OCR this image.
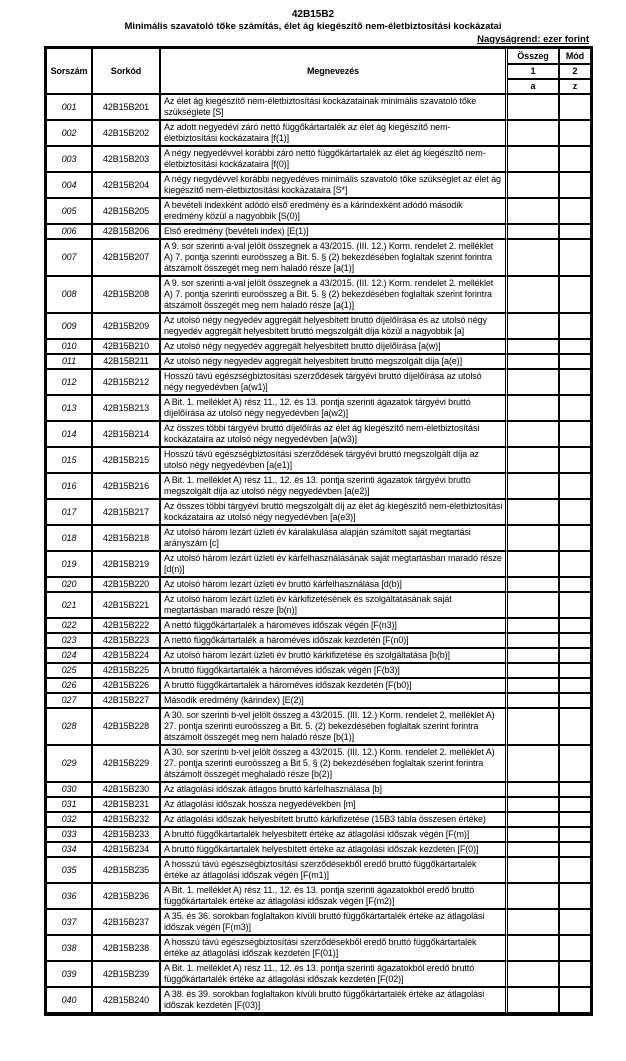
42B15B2
Minimális szavatoló tőke számítás, élet ág kiegészítő nem-életbiztosítási kockázatai
Nagyságrend: ezer forint
Sorszám	Sorkód	Megnevezés	Összeg	Mód
			1	2
			a	z
001	42B15B201	Az élet ág kiegészítő nem-életbiztosítási kockázatainak minimális szavatoló tőke szükséglete [S]		
002	42B15B202	Az adott negyedévi záró nettó függőkártartalék az élet ág kiegészítő nem-életbiztosítási kockázataira [f(1)]		
003	42B15B203	A négy negyedévvel korábbi záró nettó függőkártartalék az élet ág kiegészítő nem-életbiztosítási kockázataira [f(0)]		
004	42B15B204	A négy negydévvel korábbi negyedéves minimális szavatoló tőke szükséglet az élet ág kiegészítő nem-életbiztosítási kockázataira [S*]		
005	42B15B205	A bevételi indexként adódó első eredmény és a kárindexként adódó második eredmény közül a nagyobbik [S(0)]		
006	42B15B206	Első eredmény (bevételi index) [E(1)]		
007	42B15B207	A 9. sor szerinti a-val jelölt összegnek a 43/2015. (III. 12.) Korm. rendelet 2. melléklet A) 7. pontja szerinti euroösszeg a Bit. 5. § (2) bekezdésében foglaltak szerint forintra átszámolt összegét meg nem haladó része [a(1)]		
008	42B15B208	A 9. sor szerinti a-val jelölt összegnek a 43/2015. (III. 12.) Korm. rendelet 2. melléklet A) 7. pontja szerinti euroösszeg a Bit. 5. § (2) bekezdésében foglaltak szerint forintra átszámolt összegét meg nem haladó része [a(1)]		
009	42B15B209	Az utolsó négy negyedév aggregált helyesbített bruttó díjelőírása és az utolsó négy negyedév aggregált helyesbített bruttó megszolgált díja közül a nagyobbik [a]		
010	42B15B210	Az utolsó négy negyedév aggregált helyesbített bruttó díjelőírása [a(w)]		
011	42B15B211	Az utolsó négy negyedév aggregált helyesbített bruttó megszolgált díja [a(e)]		
012	42B15B212	Hosszú távú egészségbiztosítási szerződések tárgyévi bruttó díjelőírása az utolsó négy negyedévben [a(w1)]		
013	42B15B213	A Bit. 1. melléklet A) rész 11., 12. és 13. pontja szerinti ágazatok tárgyévi bruttó díjelőírása az utolsó négy negyedévben [a(w2)]		
014	42B15B214	Az összes többi tárgyévi bruttó díjelőírás az élet ág kiegészítő nem-életbiztosítási kockázataira az utolsó négy negyedévben [a(w3)]		
015	42B15B215	Hosszú távú egészségbiztosítási szerződések tárgyévi bruttó megszolgált díja az utolsó négy negyedévben [a(e1)]		
016	42B15B216	A Bit. 1. melléklet A) rész 11., 12. és 13. pontja szerinti ágazatok tárgyévi bruttó megszolgált díja az utolsó négy negyedévben [a(e2)]		
017	42B15B217	Az összes többi tárgyévi bruttó megszolgált díj az élet ág kiegészítő nem-életbiztosítási kockázataira az utolsó négy negyedévben [a(e3)]		
018	42B15B218	Az utolsó három lezárt üzleti év káralakulása alapján számított saját megtartási arányszám [c]		
019	42B15B219	Az utolsó három lezárt üzleti év kárfelhasználásának saját megtartásban maradó része [d(n)]		
020	42B15B220	Az utolsó három lezárt üzleti év bruttó kárfelhasználása [d(b)]		
021	42B15B221	Az utolsó három lezárt üzleti év kárkifizetésének és szolgáltatásának saját megtartásban maradó része [b(n)]		
022	42B15B222	A nettó függőkártartalék a hároméves időszak végén [F(n3)]		
023	42B15B223	A nettó függőkártartalék a hároméves időszak kezdetén [F(n0)]		
024	42B15B224	Az utolsó három lezárt üzleti év bruttó kárkifizetése és szolgáltatása [b(b)]		
025	42B15B225	A bruttó függőkártartalék a hároméves időszak végén [F(b3)]		
026	42B15B226	A bruttó függőkártartalék a hároméves időszak kezdetén [F(b0)]		
027	42B15B227	Második eredmény (kárindex) [E(2)]		
028	42B15B228	A 30. sor szerinti b-vel jelölt összeg a 43/2015. (III. 12.) Korm. rendelet 2. melléklet A) 27. pontja szerinti euroösszeg a Bit. 5. (2) bekezdésében foglaltak szerint forintra átszámolt összegét meg nem haladó része [b(1)]		
029	42B15B229	A 30. sor szerinti b-vel jelölt összeg a 43/2015. (III. 12.) Korm. rendelet 2. melléklet A) 27. pontja szerinti euroösszeg a Bit 5. § (2) bekezdésében foglaltak szerint forintra átszámolt összegét meghaladó része [b(2)]		
030	42B15B230	Az átlagolási időszak átlagos bruttó kárfelhasználása [b]		
031	42B15B231	Az átlagolási időszak hossza negyedévekben [m]		
032	42B15B232	Az átlagolási időszak helyesbített bruttó kárkifizetése (15B3 tábla összesen értéke)		
033	42B15B233	A bruttó függőkártartalék helyesbített értéke az átlagolási időszak végén [F(m)]		
034	42B15B234	A bruttó függőkártartalék helyesbített értéke az átlagolási időszak kezdetén [F(0)]		
035	42B15B235	A hosszú távú egészségbiztosítási szerződésekből eredő bruttó függőkártartalék értéke az átlagolási időszak végén [F(m1)]		
036	42B15B236	A Bit. 1. melléklet A) rész 11., 12. és 13. pontja szerinti ágazatokból eredő bruttó függőkártartalék értéke az átlagolási időszak végén [F(m2)]		
037	42B15B237	A 35. és 36. sorokban foglaltakon kívüli bruttó függőkártartalék értéke az átlagolási időszak végén [F(m3)]		
038	42B15B238	A hosszú távú egészségbiztosítási szerződésekből eredő bruttó függőkártartalék értéke az átlagolási időszak kezdetén [F(01)]		
039	42B15B239	A Bit. 1. melléklet A) rész 11., 12. és 13. pontja szerinti ágazatokból eredő bruttó függőkártartalék értéke az átlagolási időszak kezdetén [F(02)]		
040	42B15B240	A 38. és 39. sorokban foglaltakon kívüli bruttó függőkártartalék értéke az átlagolási időszak kezdetén [F(03)]		
